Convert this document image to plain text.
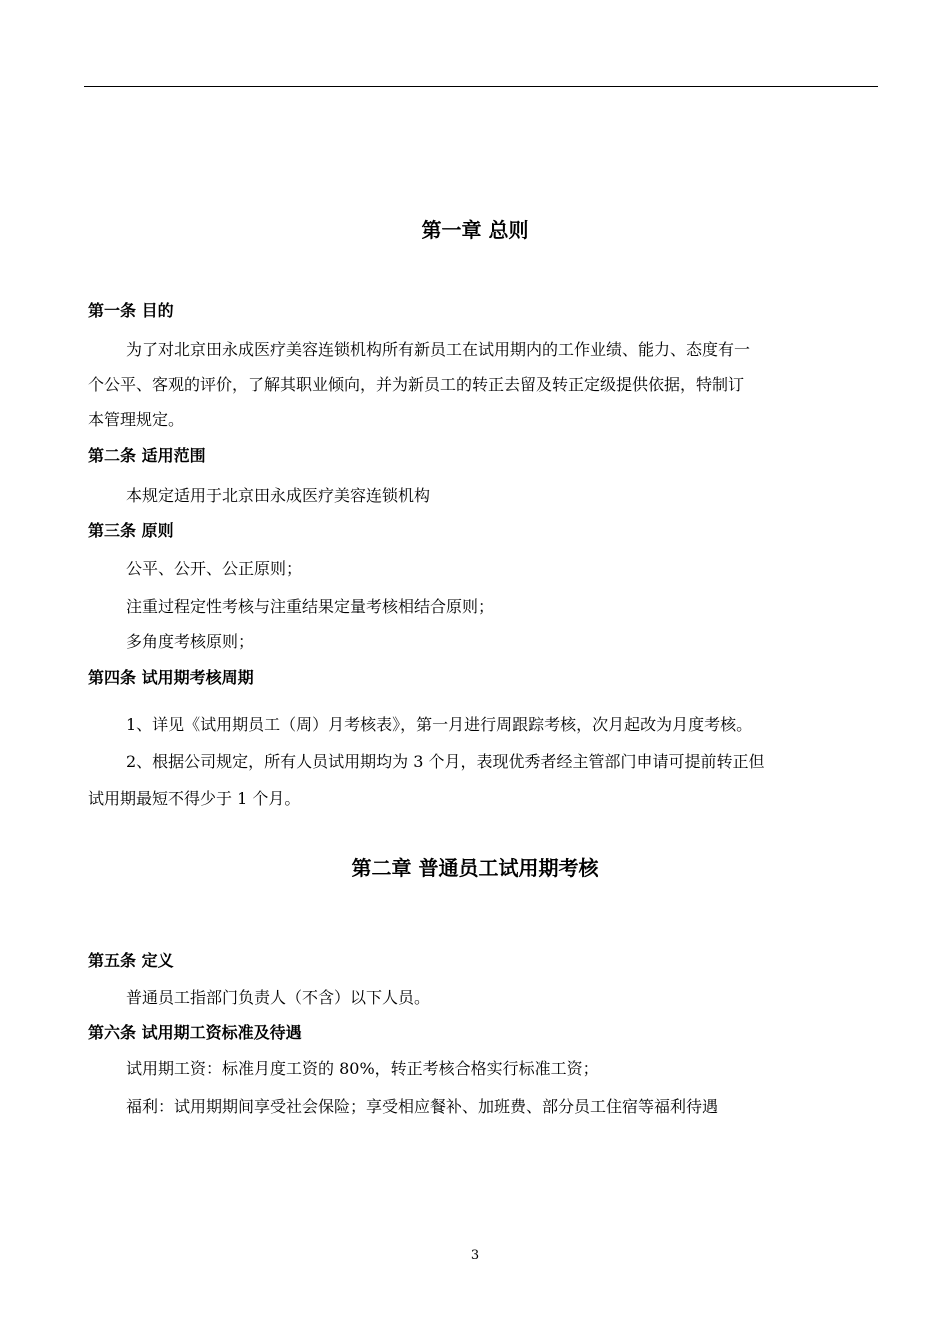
第一章 总则
第一条 目的
为了对北京田永成医疗美容连锁机构所有新员工在试用期内的工作业绩、能力、态度有一
个公平、客观的评价，了解其职业倾向，并为新员工的转正去留及转正定级提供依据，特制订
本管理规定。
第二条 适用范围
本规定适用于北京田永成医疗美容连锁机构
第三条 原则
公平、公开、公正原则；
注重过程定性考核与注重结果定量考核相结合原则；
多角度考核原则；
第四条 试用期考核周期
1、详见《试用期员工（周）月考核表》，第一月进行周跟踪考核，次月起改为月度考核。
2、根据公司规定，所有人员试用期均为 3 个月，表现优秀者经主管部门申请可提前转正但
试用期最短不得少于 1 个月。
第二章 普通员工试用期考核
第五条 定义
普通员工指部门负责人（不含）以下人员。
第六条 试用期工资标准及待遇
试用期工资：标准月度工资的 80%，转正考核合格实行标准工资；
福利：试用期期间享受社会保险；享受相应餐补、加班费、部分员工住宿等福利待遇
3
